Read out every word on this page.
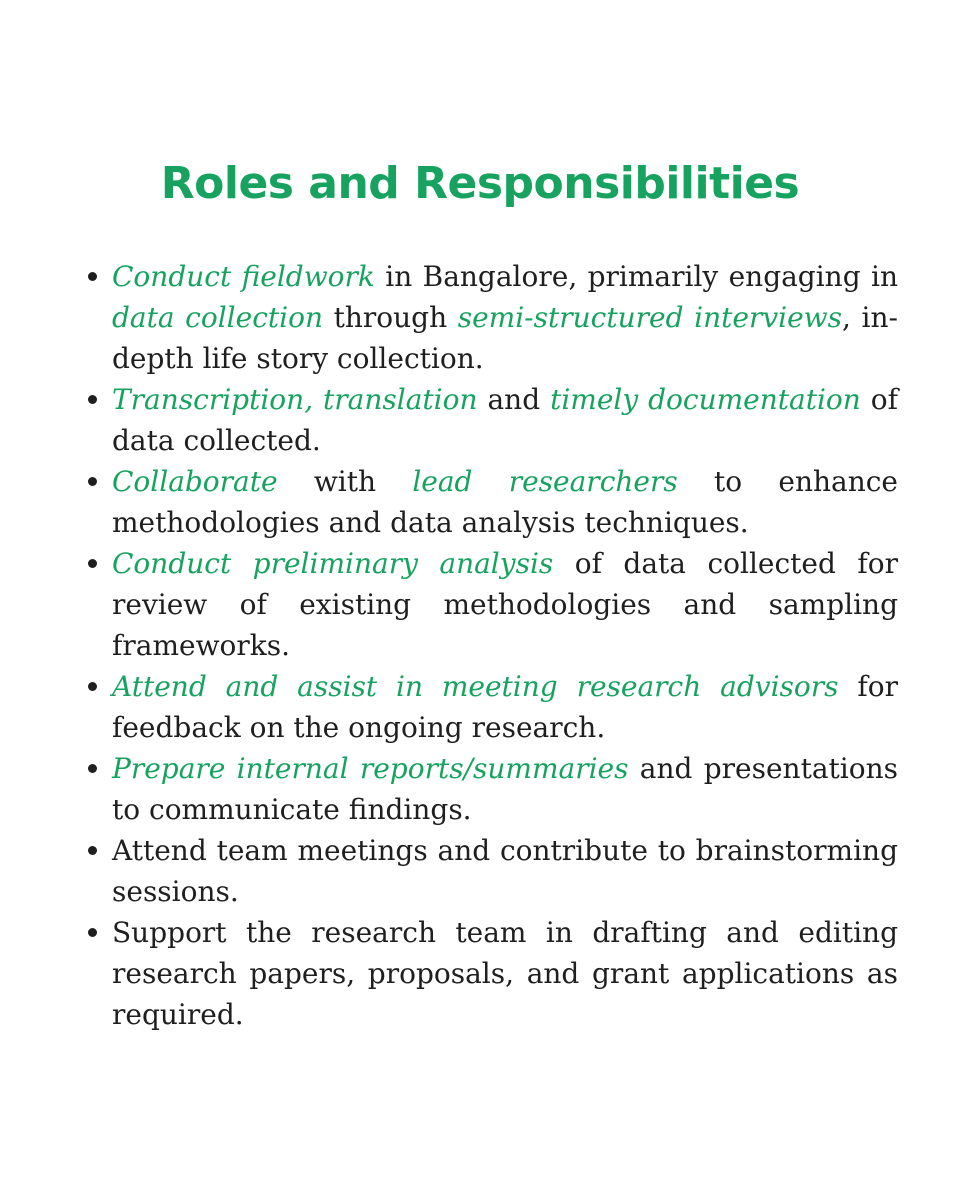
Roles and Responsibilities
Conduct fieldwork in Bangalore, primarily engaging in data collection through semi-structured interviews, in-depth life story collection.
Transcription, translation and timely documentation of data collected.
Collaborate with lead researchers to enhance methodologies and data analysis techniques.
Conduct preliminary analysis of data collected for review of existing methodologies and sampling frameworks.
Attend and assist in meeting research advisors for feedback on the ongoing research.
Prepare internal reports/summaries and presentations to communicate findings.
Attend team meetings and contribute to brainstorming sessions.
Support the research team in drafting and editing research papers, proposals, and grant applications as required.
